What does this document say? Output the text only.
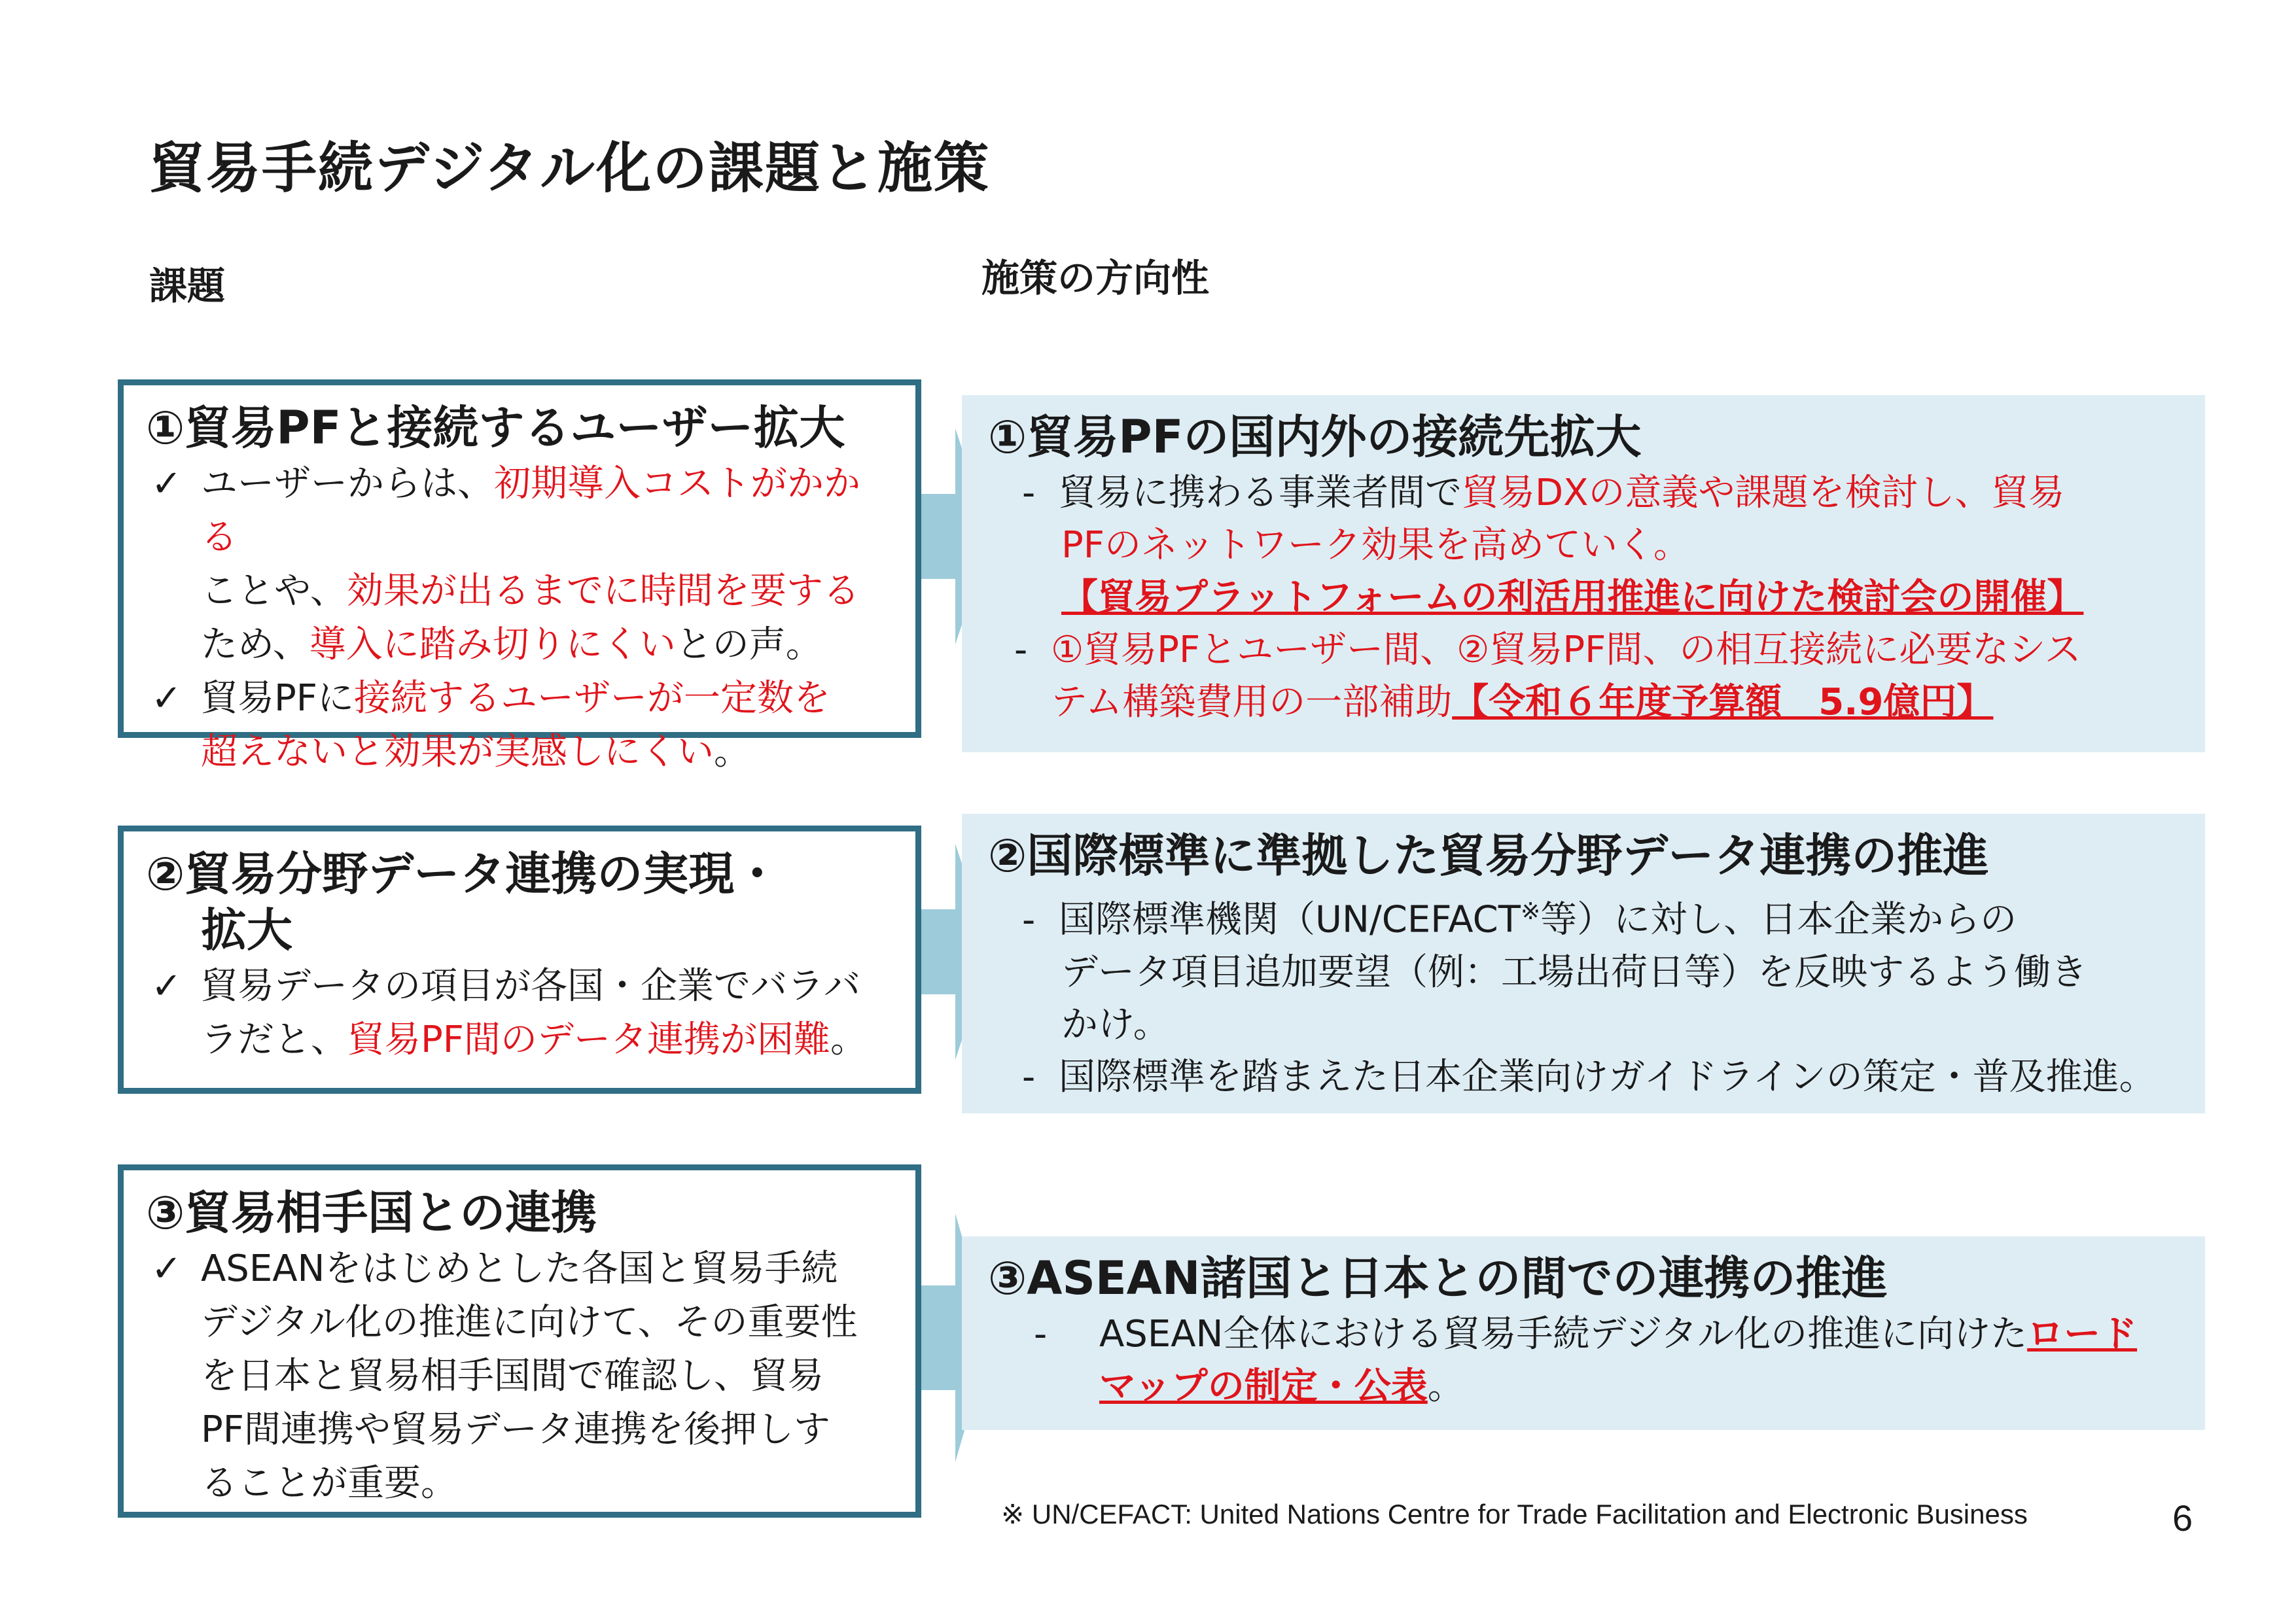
貿易手続デジタル化の課題と施策
課題	施策の方向性
①貿易PFと接続するユーザー拡大
✓ ユーザーからは、初期導入コストがかかる
ことや、効果が出るまでに時間を要する
ため、導入に踏み切りにくいとの声。
✓ 貿易PFに接続するユーザーが一定数を
超えないと効果が実感しにくい。
②貿易分野データ連携の実現・
拡大
✓ 貿易データの項目が各国・企業でバラバ
ラだと、貿易PF間のデータ連携が困難。
③貿易相手国との連携
✓ ASEANをはじめとした各国と貿易手続
デジタル化の推進に向けて、その重要性
を日本と貿易相手国間で確認し、貿易
PF間連携や貿易データ連携を後押しす
ることが重要。
①貿易PFの国内外の接続先拡大
- 貿易に携わる事業者間で貿易DXの意義や課題を検討し、貿易
PFのネットワーク効果を高めていく。
【貿易プラットフォームの利活用推進に向けた検討会の開催】
- ①貿易PFとユーザー間、②貿易PF間、の相互接続に必要なシス
テム構築費用の一部補助【令和６年度予算額　5.9億円】
②国際標準に準拠した貿易分野データ連携の推進
- 国際標準機関（UN/CEFACT※等）に対し、日本企業からの
データ項目追加要望（例：工場出荷日等）を反映するよう働き
かけ。
- 国際標準を踏まえた日本企業向けガイドラインの策定・普及推進。
③ASEAN諸国と日本との間での連携の推進
- ASEAN全体における貿易手続デジタル化の推進に向けたロード
マップの制定・公表。
※ UN/CEFACT: United Nations Centre for Trade Facilitation and Electronic Business	6
